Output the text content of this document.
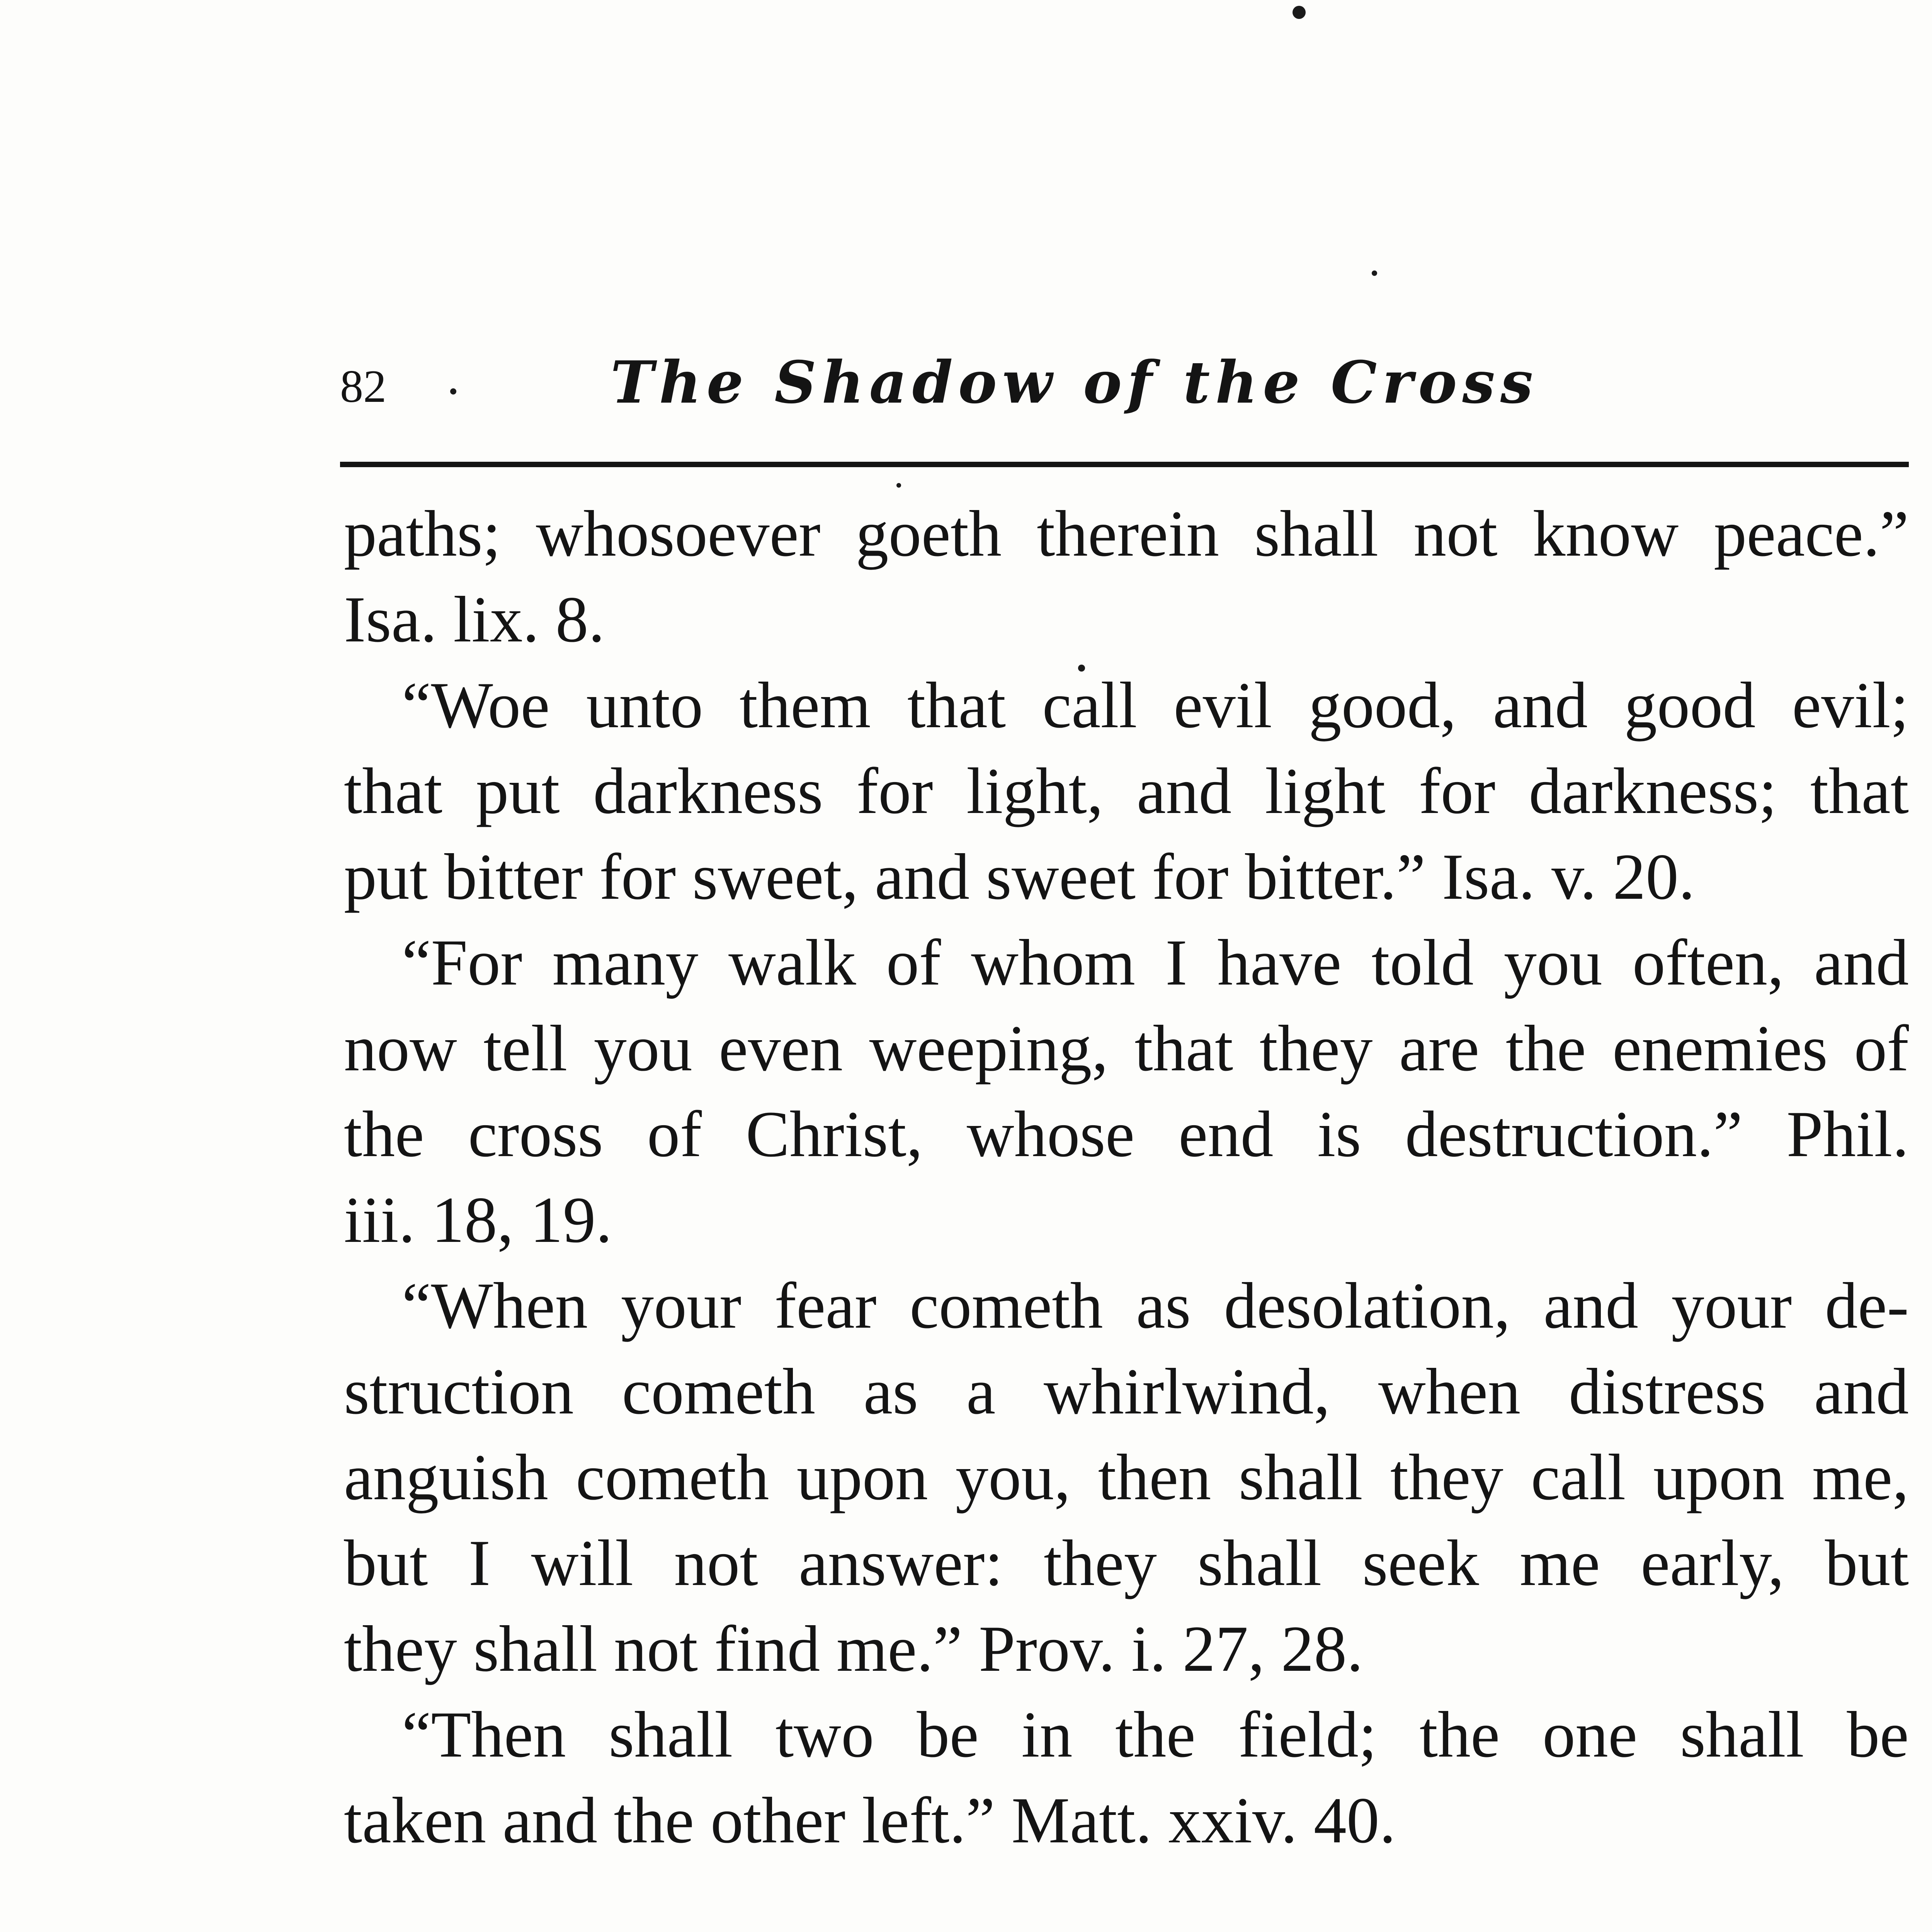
82	The Shadow of the Cross
paths; whosoever goeth therein shall not know peace.”
Isa. lix. 8.
“Woe unto them that call evil good, and good evil;
that put darkness for light, and light for darkness; that
put bitter for sweet, and sweet for bitter.” Isa. v. 20.
“For many walk of whom I have told you often, and
now tell you even weeping, that they are the enemies of
the cross of Christ, whose end is destruction.” Phil.
iii. 18, 19.
“When your fear cometh as desolation, and your de-
struction cometh as a whirlwind, when distress and
anguish cometh upon you, then shall they call upon me,
but I will not answer: they shall seek me early, but
they shall not find me.” Prov. i. 27, 28.
“Then shall two be in the field; the one shall be
taken and the other left.” Matt. xxiv. 40.
